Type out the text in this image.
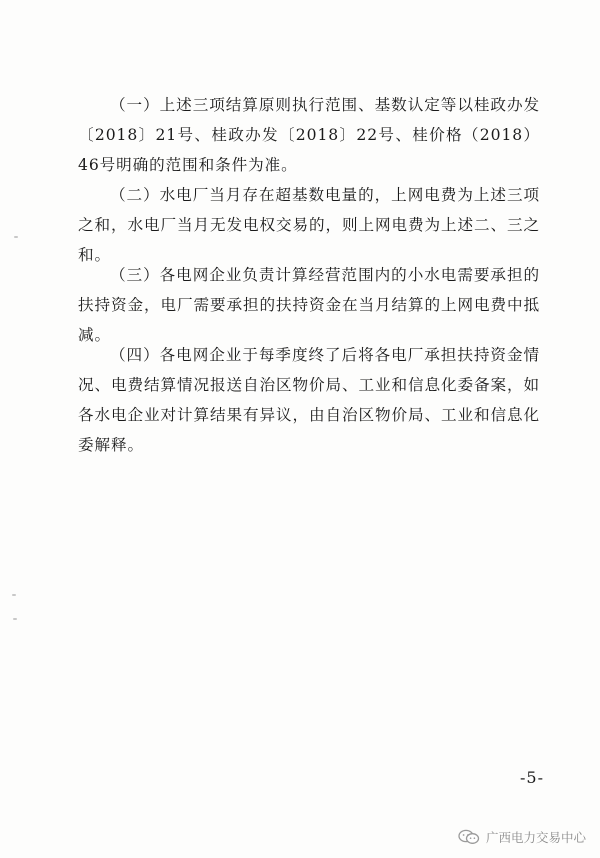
（一）上述三项结算原则执行范围、基数认定等以桂政办发〔2018〕21号、桂政办发〔2018〕22号、桂价格（2018）46号明确的范围和条件为准。

（二）水电厂当月存在超基数电量的，上网电费为上述三项之和，水电厂当月无发电权交易的，则上网电费为上述二、三之和。

（三）各电网企业负责计算经营范围内的小水电需要承担的扶持资金，电厂需要承担的扶持资金在当月结算的上网电费中抵减。

（四）各电网企业于每季度终了后将各电厂承担扶持资金情况、电费结算情况报送自治区物价局、工业和信息化委备案，如各水电企业对计算结果有异议，由自治区物价局、工业和信息化委解释。

-5-
广西电力交易中心
